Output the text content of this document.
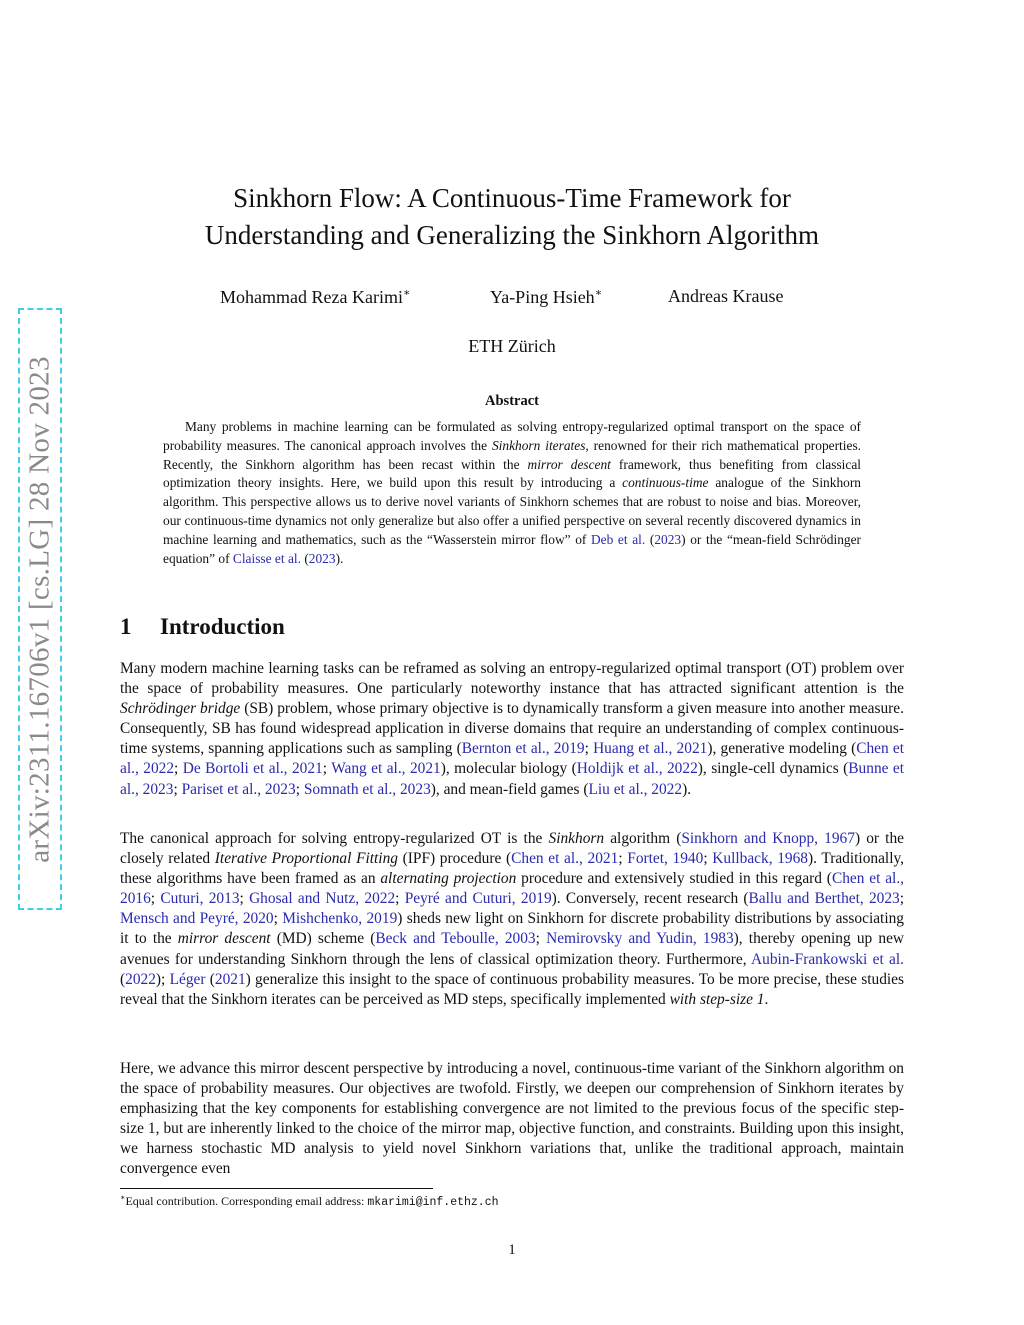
arXiv:2311.16706v1 [cs.LG] 28 Nov 2023
Sinkhorn Flow: A Continuous-Time Framework for
Understanding and Generalizing the Sinkhorn Algorithm
Mohammad Reza Karimi∗	Ya-Ping Hsieh∗	Andreas Krause
ETH Zürich
Abstract

Many problems in machine learning can be formulated as solving entropy-regularized optimal transport on the space of probability measures. The canonical approach involves the Sinkhorn iterates, renowned for their rich mathematical properties. Recently, the Sinkhorn algorithm has been recast within the mirror descent framework, thus benefiting from classical optimization theory insights. Here, we build upon this result by introducing a continuous-time analogue of the Sinkhorn algorithm. This perspective allows us to derive novel variants of Sinkhorn schemes that are robust to noise and bias. Moreover, our continuous-time dynamics not only generalize but also offer a unified perspective on several recently discovered dynamics in machine learning and mathematics, such as the “Wasserstein mirror flow” of Deb et al. (2023) or the “mean-field Schrödinger equation” of Claisse et al. (2023).

1 Introduction

Many modern machine learning tasks can be reframed as solving an entropy-regularized optimal transport (OT) problem over the space of probability measures. One particularly noteworthy instance that has attracted significant attention is the Schrödinger bridge (SB) problem, whose primary objective is to dynamically transform a given measure into another measure. Consequently, SB has found widespread application in diverse domains that require an understanding of complex continuous-time systems, spanning applications such as sampling (Bernton et al., 2019; Huang et al., 2021), generative modeling (Chen et al., 2022; De Bortoli et al., 2021; Wang et al., 2021), molecular biology (Holdijk et al., 2022), single-cell dynamics (Bunne et al., 2023; Pariset et al., 2023; Somnath et al., 2023), and mean-field games (Liu et al., 2022).

The canonical approach for solving entropy-regularized OT is the Sinkhorn algorithm (Sinkhorn and Knopp, 1967) or the closely related Iterative Proportional Fitting (IPF) procedure (Chen et al., 2021; Fortet, 1940; Kullback, 1968). Traditionally, these algorithms have been framed as an alternating projection procedure and extensively studied in this regard (Chen et al., 2016; Cuturi, 2013; Ghosal and Nutz, 2022; Peyré and Cuturi, 2019). Conversely, recent research (Ballu and Berthet, 2023; Mensch and Peyré, 2020; Mishchenko, 2019) sheds new light on Sinkhorn for discrete probability distributions by associating it to the mirror descent (MD) scheme (Beck and Teboulle, 2003; Nemirovsky and Yudin, 1983), thereby opening up new avenues for understanding Sinkhorn through the lens of classical optimization theory. Furthermore, Aubin-Frankowski et al. (2022); Léger (2021) generalize this insight to the space of continuous probability measures. To be more precise, these studies reveal that the Sinkhorn iterates can be perceived as MD steps, specifically implemented with step-size 1.

Here, we advance this mirror descent perspective by introducing a novel, continuous-time variant of the Sinkhorn algorithm on the space of probability measures. Our objectives are twofold. Firstly, we deepen our comprehension of Sinkhorn iterates by emphasizing that the key components for establishing convergence are not limited to the previous focus of the specific step-size 1, but are inherently linked to the choice of the mirror map, objective function, and constraints. Building upon this insight, we harness stochastic MD analysis to yield novel Sinkhorn variations that, unlike the traditional approach, maintain convergence even

∗Equal contribution. Corresponding email address: mkarimi@inf.ethz.ch
1
